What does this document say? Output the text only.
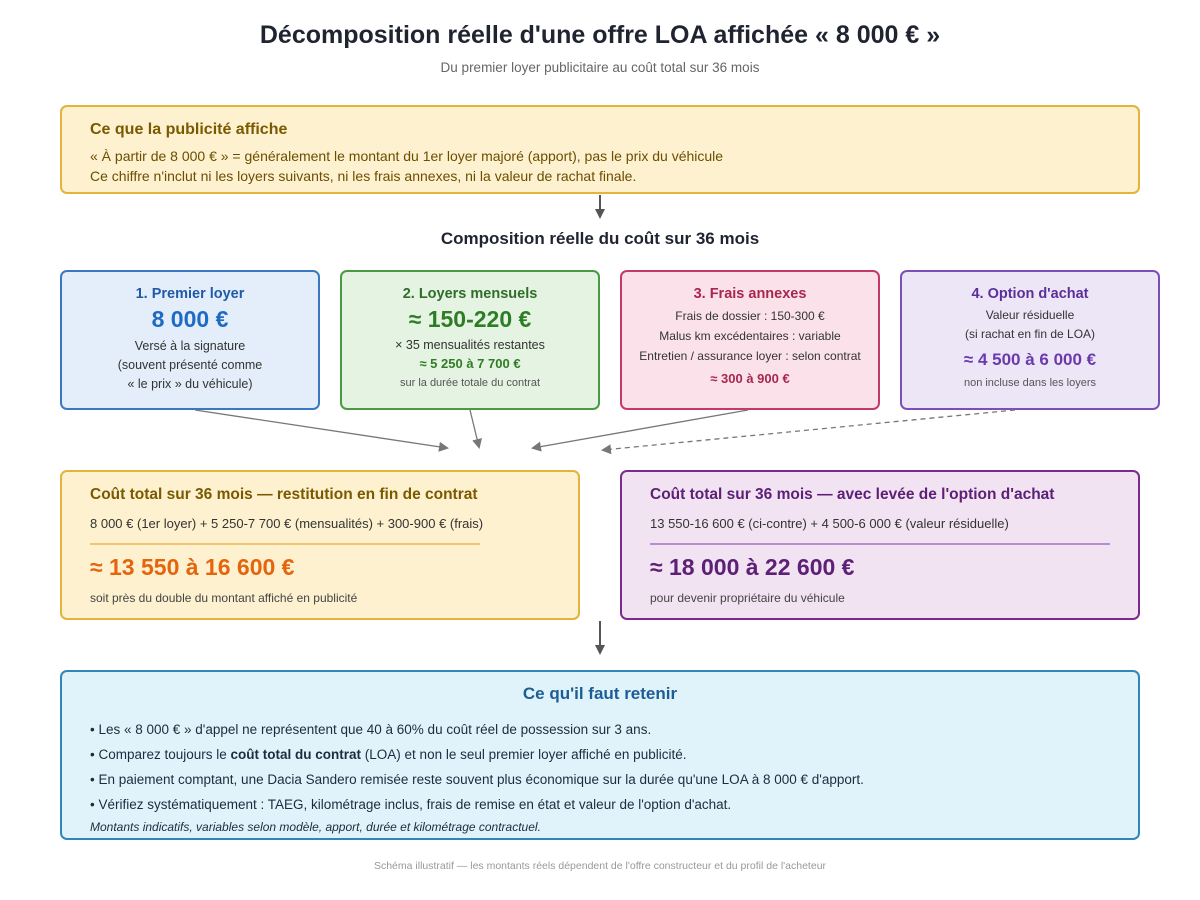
Décomposition réelle d'une offre LOA affichée « 8 000 € »
Du premier loyer publicitaire au coût total sur 36 mois
Ce que la publicité affiche
« À partir de 8 000 € » = généralement le montant du 1er loyer majoré (apport), pas le prix du véhicule
Ce chiffre n'inclut ni les loyers suivants, ni les frais annexes, ni la valeur de rachat finale.
Composition réelle du coût sur 36 mois
1. Premier loyer
8 000 €
Versé à la signature
(souvent présenté comme
« le prix » du véhicule)
2. Loyers mensuels
≈ 150-220 €
× 35 mensualités restantes
≈ 5 250 à 7 700 €
sur la durée totale du contrat
3. Frais annexes
Frais de dossier : 150-300 €
Malus km excédentaires : variable
Entretien / assurance loyer : selon contrat
≈ 300 à 900 €
4. Option d'achat
Valeur résiduelle
(si rachat en fin de LOA)
≈ 4 500 à 6 000 €
non incluse dans les loyers
Coût total sur 36 mois — restitution en fin de contrat
8 000 € (1er loyer) + 5 250-7 700 € (mensualités) + 300-900 € (frais)
≈ 13 550 à 16 600 €
soit près du double du montant affiché en publicité
Coût total sur 36 mois — avec levée de l'option d'achat
13 550-16 600 € (ci-contre) + 4 500-6 000 € (valeur résiduelle)
≈ 18 000 à 22 600 €
pour devenir propriétaire du véhicule
Ce qu'il faut retenir
• Les « 8 000 € » d'appel ne représentent que 40 à 60% du coût réel de possession sur 3 ans.
• Comparez toujours le coût total du contrat (LOA) et non le seul premier loyer affiché en publicité.
• En paiement comptant, une Dacia Sandero remisée reste souvent plus économique sur la durée qu'une LOA à 8 000 € d'apport.
• Vérifiez systématiquement : TAEG, kilométrage inclus, frais de remise en état et valeur de l'option d'achat.
Montants indicatifs, variables selon modèle, apport, durée et kilométrage contractuel.
Schéma illustratif — les montants réels dépendent de l'offre constructeur et du profil de l'acheteur
